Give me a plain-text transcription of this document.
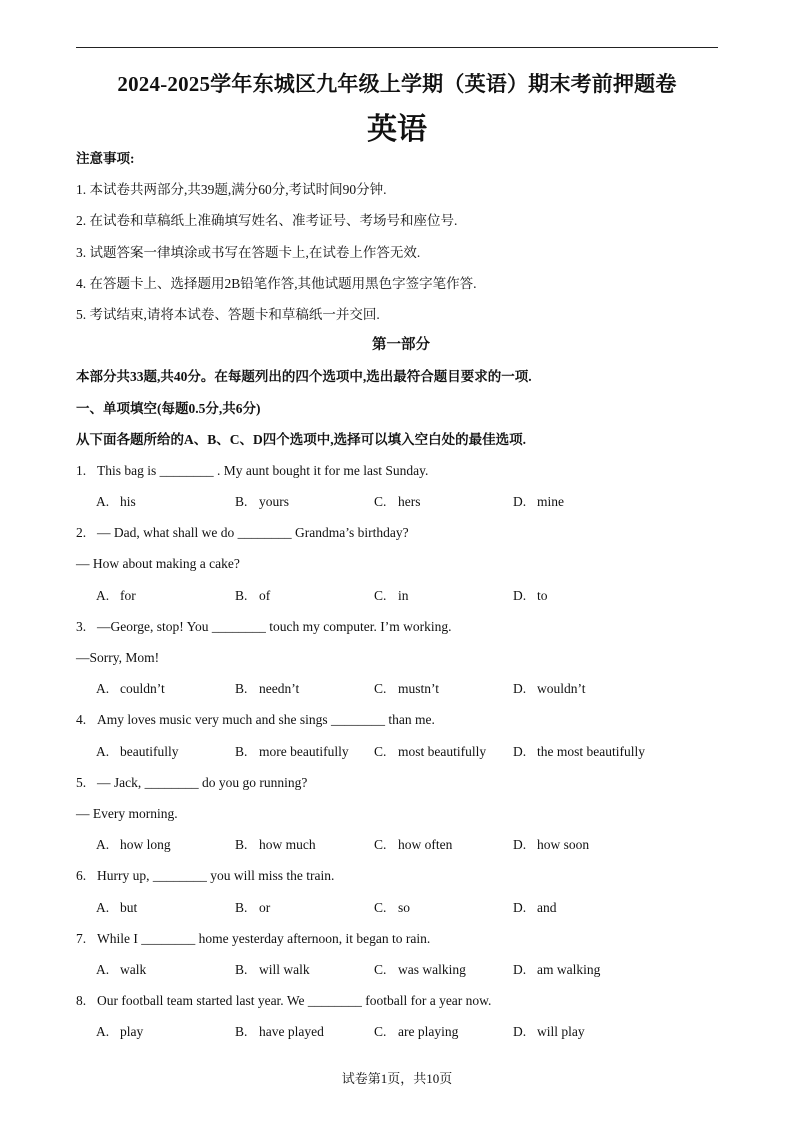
2024-2025学年东城区九年级上学期（英语）期末考前押题卷
英语
注意事项:
1. 本试卷共两部分,共39题,满分60分,考试时间90分钟.
2. 在试卷和草稿纸上准确填写姓名、准考证号、考场号和座位号.
3. 试题答案一律填涂或书写在答题卡上,在试卷上作答无效.
4. 在答题卡上、选择题用2B铅笔作答,其他试题用黑色字签字笔作答.
5. 考试结束,请将本试卷、答题卡和草稿纸一并交回.
第一部分
本部分共33题,共40分。在每题列出的四个选项中,选出最符合题目要求的一项.
一、单项填空(每题0.5分,共6分)
从下面各题所给的A、B、C、D四个选项中,选择可以填入空白处的最佳选项.
1. This bag is ________ . My aunt bought it for me last Sunday.
A. his	B. yours	C. hers	D. mine
2. — Dad, what shall we do ________ Grandma’s birthday?
— How about making a cake?
A. for	B. of	C. in	D. to
3. —George, stop! You ________ touch my computer. I’m working.
—Sorry, Mom!
A. couldn’t	B. needn’t	C. mustn’t	D. wouldn’t
4. Amy loves music very much and she sings ________ than me.
A. beautifully	B. more beautifully C. most beautifully D. the most beautifully
5. — Jack, ________ do you go running?
— Every morning.
A. how long	B. how much	C. how often	D. how soon
6. Hurry up, ________ you will miss the train.
A. but	B. or	C. so	D. and
7. While I ________ home yesterday afternoon, it began to rain.
A. walk	B. will walk	C. was walking	D. am walking
8. Our football team started last year. We ________ football for a year now.
A. play	B. have played	C. are playing	D. will play
试卷第1页，共10页
